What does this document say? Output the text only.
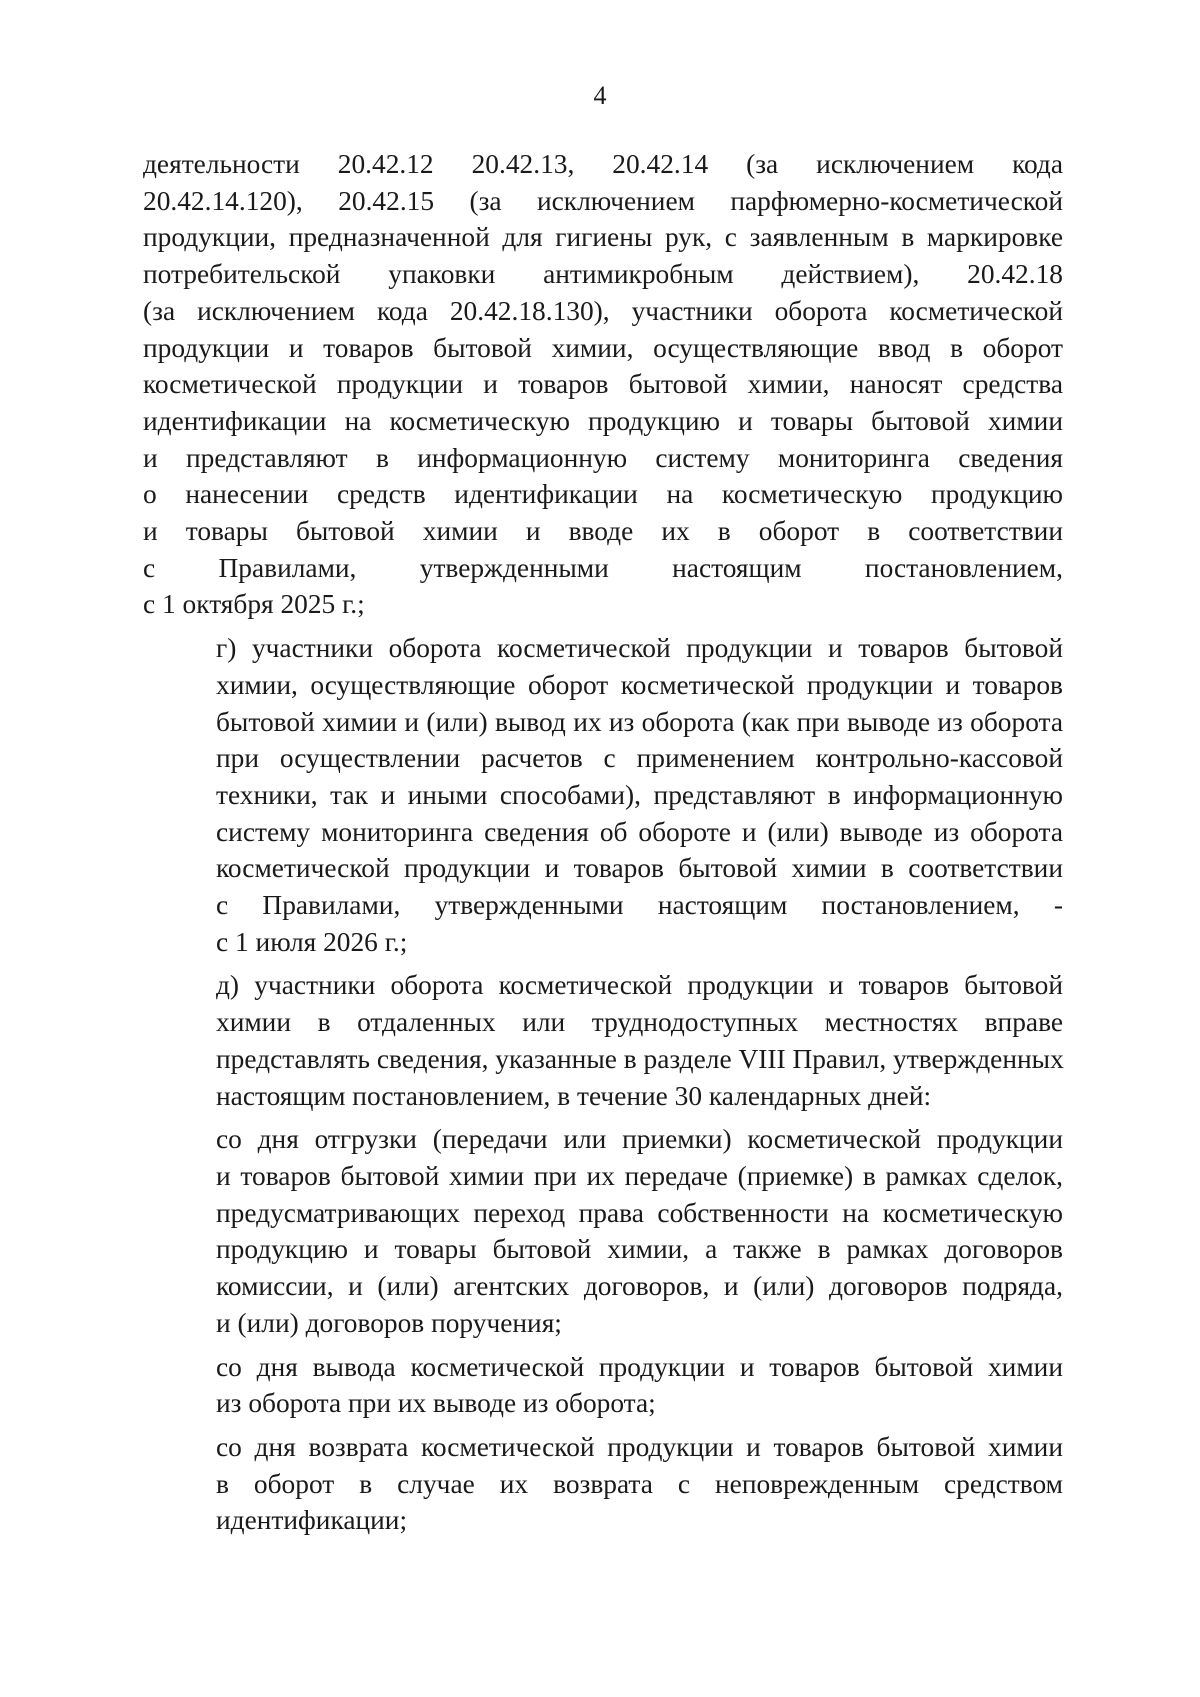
4

деятельности 20.42.12 20.42.13, 20.42.14 (за исключением кода
20.42.14.120), 20.42.15 (за исключением парфюмерно-косметической
продукции, предназначенной для гигиены рук, с заявленным в маркировке
потребительской упаковки антимикробным действием), 20.42.18
(за исключением кода 20.42.18.130), участники оборота косметической
продукции и товаров бытовой химии, осуществляющие ввод в оборот
косметической продукции и товаров бытовой химии, наносят средства
идентификации на косметическую продукцию и товары бытовой химии
и представляют в информационную систему мониторинга сведения
о нанесении средств идентификации на косметическую продукцию
и товары бытовой химии и вводе их в оборот в соответствии
с Правилами, утвержденными настоящим постановлением,
с 1 октября 2025 г.;

г) участники оборота косметической продукции и товаров бытовой
химии, осуществляющие оборот косметической продукции и товаров
бытовой химии и (или) вывод их из оборота (как при выводе из оборота
при осуществлении расчетов с применением контрольно-кассовой
техники, так и иными способами), представляют в информационную
систему мониторинга сведения об обороте и (или) выводе из оборота
косметической продукции и товаров бытовой химии в соответствии
с Правилами, утвержденными настоящим постановлением, -
с 1 июля 2026 г.;

д) участники оборота косметической продукции и товаров бытовой
химии в отдаленных или труднодоступных местностях вправе
представлять сведения, указанные в разделе VIII Правил, утвержденных
настоящим постановлением, в течение 30 календарных дней:

со дня отгрузки (передачи или приемки) косметической продукции
и товаров бытовой химии при их передаче (приемке) в рамках сделок,
предусматривающих переход права собственности на косметическую
продукцию и товары бытовой химии, а также в рамках договоров
комиссии, и (или) агентских договоров, и (или) договоров подряда,
и (или) договоров поручения;

со дня вывода косметической продукции и товаров бытовой химии
из оборота при их выводе из оборота;

со дня возврата косметической продукции и товаров бытовой химии
в оборот в случае их возврата с неповрежденным средством
идентификации;
